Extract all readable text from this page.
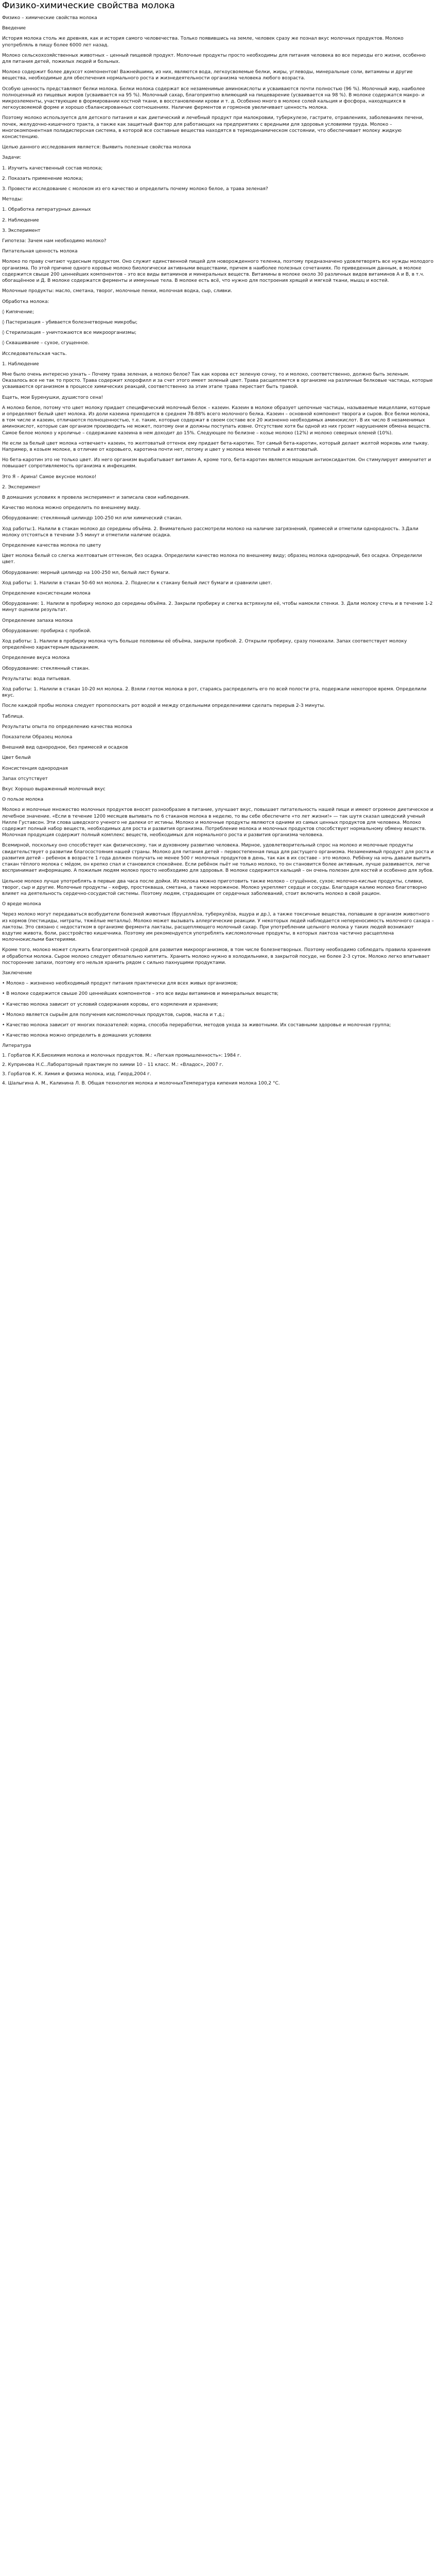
Физико-химические свойства молока

Физико – химические свойства молока

Введение

История молока столь же древняя, как и история самого человечества. Только появившись на земле, человек сразу же познал вкус молочных продуктов. Молоко употребляль в пищу более 6000 лет назад.

Молоко сельскохозяйственных животных – ценный пищевой продукт. Молочные продукты просто необходимы для питания человека во все периоды его жизни, особенно для питания детей, пожилых людей и больных.

Молоко содержит более двухсот компонентов! Важнейшими, из них, являются вода, легкоусвояемые белки, жиры, углеводы, минеральные соли, витамины и другие вещества, необходимые для обеспечения нормального роста и жизнедеятельности организма человека любого возраста.

Особую ценность представляют белки молока. Белки молока содержат все незаменимые аминокислоты и усваиваются почти полностью (96 %). Молочный жир, наиболее полноценный из пищевых жиров (усваивается на 95 %). Молочный сахар, благоприятно влияющий на пищеварение (усваивается на 98 %). В молоке содержатся макро- и микроэлементы, участвующие в формировании костной ткани, в восстановлении крови и т. д. Особенно много в молоке солей кальция и фосфора, находящихся в легкоусвояемой форме и хорошо сбалансированных соотношениях. Наличие ферментов и гормонов увеличивает ценность молока.

Поэтому молоко используется для детского питания и как диетический и лечебный продукт при малокровии, туберкулезе, гастрите, отравлениях, заболеваниях печени, почек, желудочно-кишечного тракта, а также как защитный фактор для работающих на предприятиях с вредными для здоровья условиями труда. Молоко – многокомпонентная полидисперсная система, в которой все составные вещества находятся в термодинамическом состоянии, что обеспечивает молоку жидкую консистенцию.

Целью данного исследования является: Выявить полезные свойства молока

Задачи:

1. Изучить качественный состав молока;

2. Показать применение молока;

3. Провести исследование с молоком из его качество и определить почему молоко белое, а трава зеленая?

Методы:

1. Обработка литературных данных

2. Наблюдение

3. Эксперимент

Гипотеза: Зачем нам необходимо молоко?

Питательная ценность молока

Молоко по праву считают чудесным продуктом. Оно служит единственной пищей для новорожденного теленка, поэтому предназначено удовлетворять все нужды молодого организма. По этой причине одного коровье молоко биологически активными веществами, причем в наиболее полезных сочетаниях. По приведенным данным, в молоке содержится свыше 200 ценнейших компонентов – это все виды витаминов и минеральных веществ. Витамины в молоке около 30 различных видов витаминов А и B, в т.ч. обогащённое и Д. В молоке содержатся ферменты и иммунные тела. В молоке есть всё, что нужно для построения хрящей и мягкой ткани, мышц и костей.

Молочные продукты: масло, сметана, творог, молочные пенки, молочная водка, сыр, сливки.

Обработка молока:

◊ Кипячение;

◊ Пастеризация – убивается болезнетворные микробы;

◊ Стерилизация – уничтожаются все микроорганизмы;

◊ Сквашивание – сухое, сгущенное.

Исследовательская часть.

1. Наблюдение

Мне было очень интересно узнать – Почему трава зеленая, а молоко белое? Так как корова ест зеленую сочну, то и молоко, соответственно, должно быть зеленым. Оказалось все не так то просто. Трава содержит хлорофилл и за счет этого имеет зеленый цвет. Трава расщепляется в организме на различные белковые частицы, которые усваиваются организмом в процессе химических реакций, соответственно за этим этапе трава перестает быть травой.

Ещеть, мои Буренушки, душистого сена!

А молоко белое, потому что цвет молоку придает специфический молочный белок – казеин. Казеин в молоке образует цепочные частицы, называемые мицеллами, которые и определяют белый цвет молока. Из доли казеина приходится в среднем 78-88% всего молочного белка. Казеин – основной компонент творога и сыров. Все белки молока, в том числе и казеин, отличаются полноценностью, т.е. такие, которые содержат в своем составе все 20 жизненно необходимых аминокислот. В их число 8 незаменимых аминокислот, которые сам организм производить не может, поэтому они и должны поступать извне. Отсутствие хотя бы одной из них грозит нарушением обмена веществ. Самое белое молоко у кроличье – содержание казеина в нем доходит до 15%. Следующее по белизне – козье молоко (12%) и молоко северных оленей (10%).

Не если за белый цвет молока «отвечает» казеин, то желтоватый оттенок ему придает бета-каротин. Тот самый бета-каротин, который делает желтой морковь или тыкву. Например, в козьем молоке, в отличие от коровьего, каротина почти нет, потому и цвет у молока менее теплый и желтоватый.

Но бета-каротин это не только цвет. Из него организм вырабатывает витамин А, кроме того, бета-каротин является мощным антиоксидантом. Он стимулирует иммунитет и повышает сопротивляемость организма к инфекциям.

Это Я – Арина! Самое вкусное молоко!

2. Эксперимент

В домашних условиях я провела эксперимент и записала свои наблюдения.

Качество молока можно определить по внешнему виду.

Оборудование: стеклянный цилиндр 100-250 мл или химический стакан.

Ход работы:1. Налили в стакан молоко до середины объёма. 2. Внимательно рассмотрели молоко на наличие загрязнений, примесей и отметили однородность. 3.Дали молоку отстояться в течении 3-5 минут и отметили наличие осадка.

Определение качества молока по цвету

Цвет молока белый со слегка желтоватым оттенком, без осадка. Определили качество молока по внешнему виду; образец молока однородный, без осадка. Определили цвет.

Оборудование: мерный цилиндр на 100-250 мл, белый лист бумаги.

Ход работы: 1. Налили в стакан 50-60 мл молока. 2. Поднесли к стакану белый лист бумаги и сравнили цвет.

Определение консистенции молока

Оборудование: 1. Налили в пробирку молоко до середины объёма. 2. Закрыли пробирку и слегка встряхнули её, чтобы намокли стенки. 3. Дали молоку стечь и в течение 1-2 минут оценили результат.

Определение запаха молока

Оборудование: пробирка с пробкой.

Ход работы: 1. Налили в пробирку молока чуть больше половины её объёма, закрыли пробкой. 2. Открыли пробирку, сразу понюхали. Запах соответствует молоку определённо характерным вдыханием.

Определение вкуса молока

Оборудование: стеклянный стакан.

Результаты: вода питьевая.

Ход работы: 1. Налили в стакан 10-20 мл молока. 2. Взяли глоток молока в рот, стараясь распределить его по всей полости рта, подержали некоторое время. Определили вкус.

После каждой пробы молока следует прополоскать рот водой и между отдельными определениями сделать перерыв 2-3 минуты.

Таблица.

Результаты опыта по определению качества молока

Показатели Образец молока

Внешний вид однородное, без примесей и осадков

Цвет белый

Консистенция однородная

Запах отсутствует

Вкус Хорошо выраженный молочный вкус

О пользе молока

Молоко и молочные множество молочных продуктов вносят разнообразие в питание, улучшает вкус, повышает питательность нашей пищи и имеют огромное диетическое и лечебное значение. «Если в течение 1200 месяцев выпивать по 6 стаканов молока в неделю, то вы себе обеспечите «то лет жизни!» — так шутя сказал шведский ученый Нилле Густавсон. Эти слова шведского ученого не далеки от истины. Молоко и молочные продукты являются одними из самых ценных продуктов для человека. Молоко содержит полный набор веществ, необходимых для роста и развития организма. Потребление молока и молочных продуктов способствует нормальному обмену веществ. Молочная продукция содержит полный комплекс веществ, необходимых для нормального роста и развития организма человека.

Всемирной, поскольку оно способствует как физическому, так и духовному развитию человека. Мирное, удовлетворительный спрос на молоко и молочные продукты свидетельствует о развитии благосостояния нашей страны. Молоко для питания детей – первостепенная пища для растущего организма. Незаменимый продукт для роста и развития детей – ребенок в возрасте 1 года должен получать не менее 500 г молочных продуктов в день, так как в их составе – это молоко. Ребёнку на ночь давали выпить стакан тёплого молока с мёдом, он крепко спал и становился спокойнее. Если ребёнок пьёт не только молоко, то он становится более активным, лучше развивается, легче воспринимает информацию. А пожилым людям молоко просто необходимо для здоровья. В молоке содержится кальций – он очень полезен для костей и особенно для зубов.

Цельное молоко лучше употреблять в первые два часа после дойки. Из молока можно приготовить также молоко – сгущённое, сухое; молочно-кислые продукты, сливки, творог, сыр и другие. Молочные продукты – кефир, простокваша, сметана, а также мороженое. Молоко укрепляет сердце и сосуды. Благодаря калию молоко благотворно влияет на деятельность сердечно-сосудистой системы. Поэтому людям, страдающим от сердечных заболеваний, стоит включить молоко в свой рацион.

О вреде молока

Через молоко могут передаваться возбудители болезней животных (бруцеллёза, туберкулёза, ящура и др.), а также токсичные вещества, попавшие в организм животного из кормов (пестициды, нитраты, тяжёлые металлы). Молоко может вызывать аллергические реакции. У некоторых людей наблюдается непереносимость молочного сахара – лактозы. Это связано с недостатком в организме фермента лактазы, расщепляющего молочный сахар. При употреблении цельного молока у таких людей возникают вздутие живота, боли, расстройство кишечника. Поэтому им рекомендуется употреблять кисломолочные продукты, в которых лактоза частично расщеплена молочнокислыми бактериями.

Кроме того, молоко может служить благоприятной средой для развития микроорганизмов, в том числе болезнетворных. Поэтому необходимо соблюдать правила хранения и обработки молока. Сырое молоко следует обязательно кипятить. Хранить молоко нужно в холодильнике, в закрытой посуде, не более 2-3 суток. Молоко легко впитывает посторонние запахи, поэтому его нельзя хранить рядом с сильно пахнущими продуктами.

Заключение

• Молоко – жизненно необходимый продукт питания практически для всех живых организмов;

• В молоке содержится свыше 200 ценнейших компонентов – это все виды витаминов и минеральных веществ;

• Качество молока зависит от условий содержания коровы, его кормления и хранения;

• Молоко является сырьём для получения кисломолочных продуктов, сыров, масла и т.д.;

• Качество молока зависит от многих показателей: корма, способа переработки, методов ухода за животными. Их составными здоровье и молочная группа;

• Качество молока можно определить в домашних условиях

Литература

1. Горбатов К.К.Биохимия молока и молочных продуктов. М.: «Легкая промышленность»: 1984 г.

2. Купринова Н.С..Лабораторный практикум по химии 10 – 11 класс. М.: «Владос», 2007 г.

3. Горбатов К. К. Химия и физика молока, изд. Гиорд,2004 г.

4. Шалыгина А. М., Калинина Л. В. Общая технология молока и молочныхТемпература кипения молока 100,2 °С.
